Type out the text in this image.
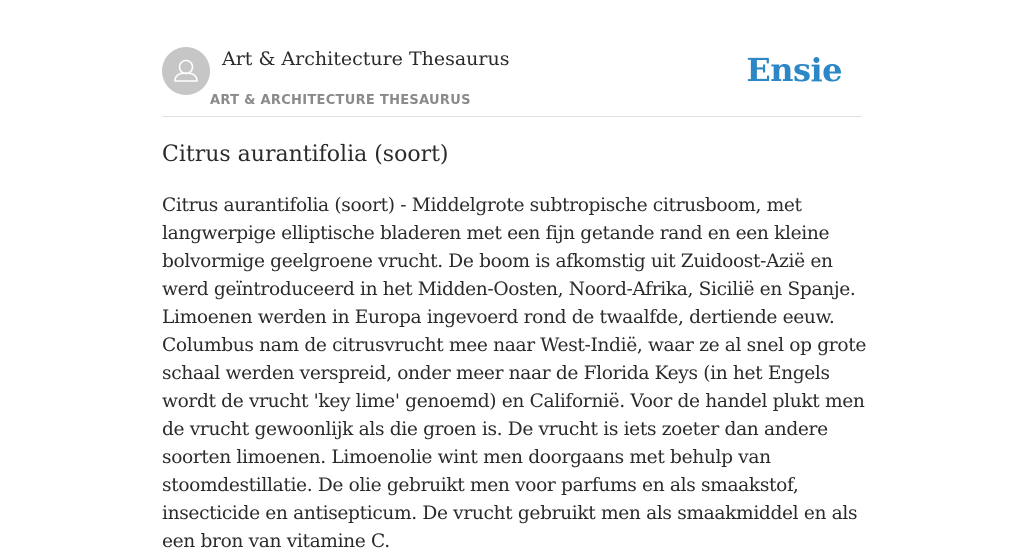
Art & Architecture Thesaurus
ART & ARCHITECTURE THESAURUS
Ensie
Citrus aurantifolia (soort)

Citrus aurantifolia (soort) - Middelgrote subtropische citrusboom, met langwerpige elliptische bladeren met een fijn getande rand en een kleine bolvormige geelgroene vrucht. De boom is afkomstig uit Zuidoost-Azië en werd geïntroduceerd in het Midden-Oosten, Noord-Afrika, Sicilië en Spanje. Limoenen werden in Europa ingevoerd rond de twaalfde, dertiende eeuw. Columbus nam de citrusvrucht mee naar West-Indië, waar ze al snel op grote schaal werden verspreid, onder meer naar de Florida Keys (in het Engels wordt de vrucht 'key lime' genoemd) en Californië. Voor de handel plukt men de vrucht gewoonlijk als die groen is. De vrucht is iets zoeter dan andere soorten limoenen. Limoenolie wint men doorgaans met behulp van stoomdestillatie. De olie gebruikt men voor parfums en als smaakstof, insecticide en antisepticum. De vrucht gebruikt men als smaakmiddel en als een bron van vitamine C.
